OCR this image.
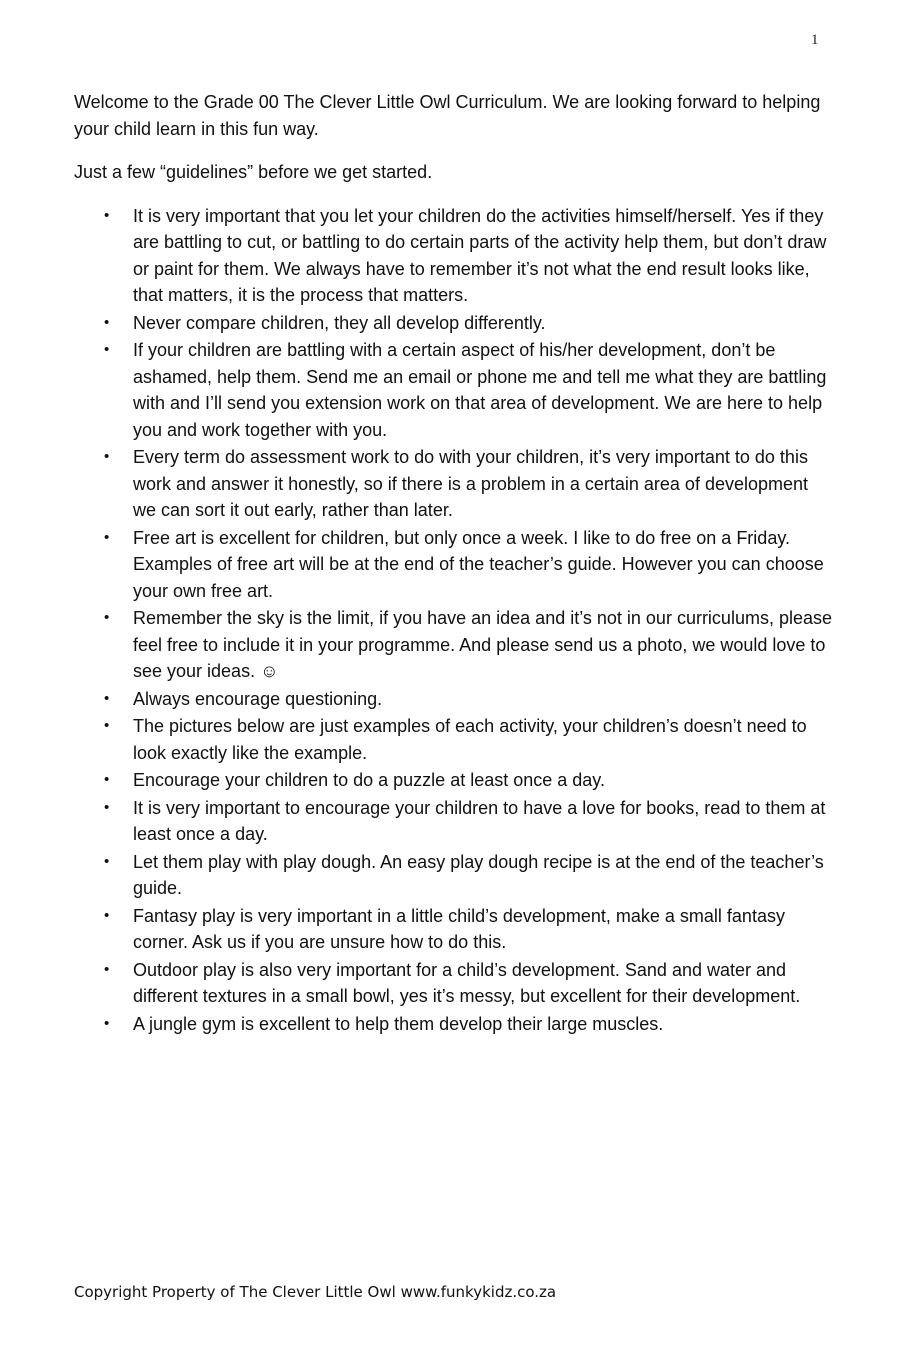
1

Welcome to the Grade 00 The Clever Little Owl Curriculum. We are looking forward to helping your child learn in this fun way.

Just a few “guidelines” before we get started.

• It is very important that you let your children do the activities himself/herself. Yes if they are battling to cut, or battling to do certain parts of the activity help them, but don’t draw or paint for them. We always have to remember it’s not what the end result looks like, that matters, it is the process that matters.
• Never compare children, they all develop differently.
• If your children are battling with a certain aspect of his/her development, don’t be ashamed, help them. Send me an email or phone me and tell me what they are battling with and I’ll send you extension work on that area of development. We are here to help you and work together with you.
• Every term do assessment work to do with your children, it’s very important to do this work and answer it honestly, so if there is a problem in a certain area of development we can sort it out early, rather than later.
• Free art is excellent for children, but only once a week. I like to do free on a Friday. Examples of free art will be at the end of the teacher’s guide. However you can choose your own free art.
• Remember the sky is the limit, if you have an idea and it’s not in our curriculums, please feel free to include it in your programme. And please send us a photo, we would love to see your ideas. ☺
• Always encourage questioning.
• The pictures below are just examples of each activity, your children’s doesn’t need to look exactly like the example.
• Encourage your children to do a puzzle at least once a day.
• It is very important to encourage your children to have a love for books, read to them at least once a day.
• Let them play with play dough. An easy play dough recipe is at the end of the teacher’s guide.
• Fantasy play is very important in a little child’s development, make a small fantasy corner. Ask us if you are unsure how to do this.
• Outdoor play is also very important for a child’s development. Sand and water and different textures in a small bowl, yes it’s messy, but excellent for their development.
• A jungle gym is excellent to help them develop their large muscles.
Copyright Property of The Clever Little Owl www.funkykidz.co.za
